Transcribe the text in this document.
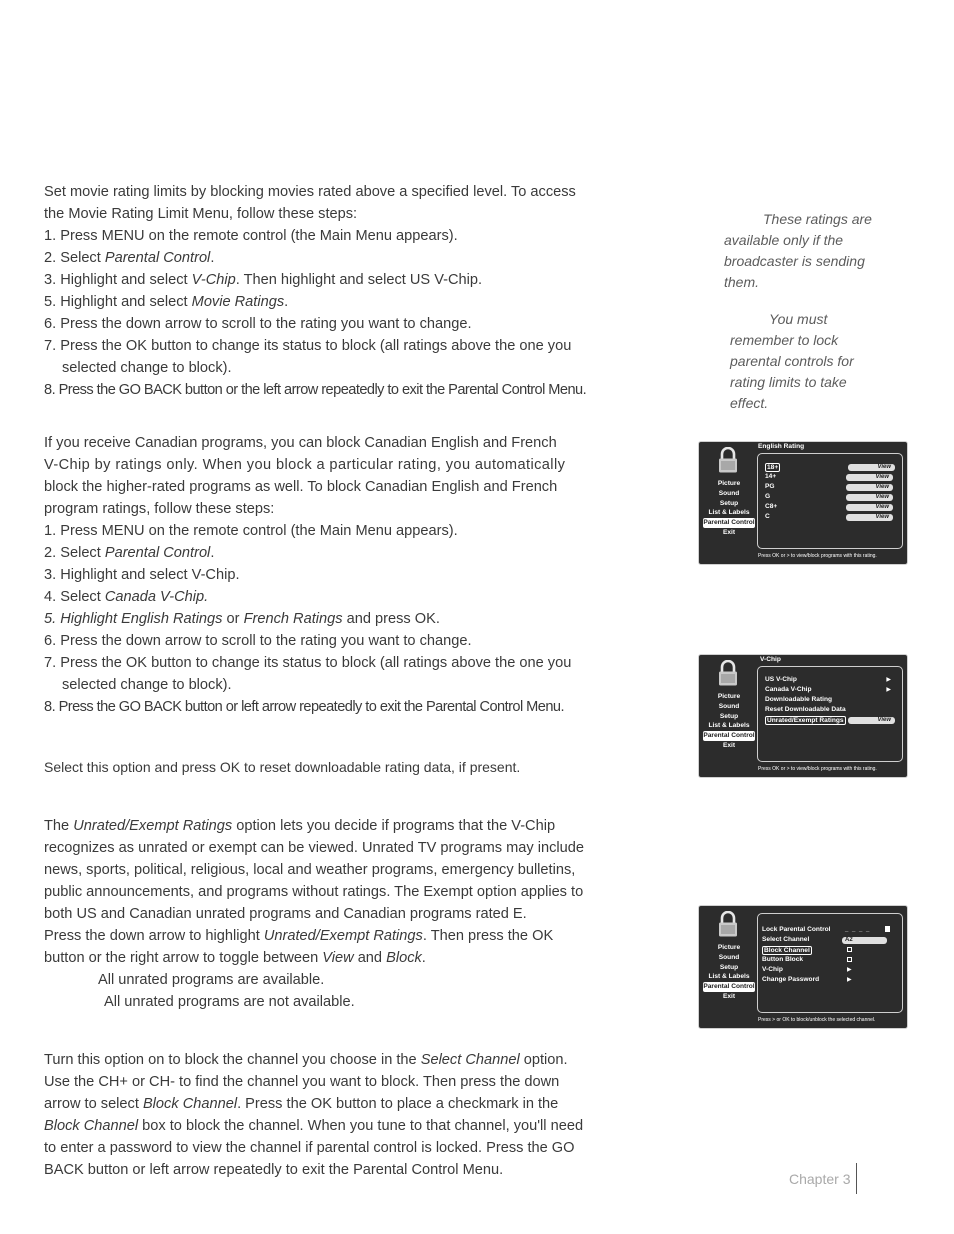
Set movie rating limits by blocking movies rated above a specified level. To access
the Movie Rating Limit Menu, follow these steps:
1. Press MENU on the remote control (the Main Menu appears).
2. Select Parental Control.
3. Highlight and select V-Chip. Then highlight and select US V-Chip.
5. Highlight and select Movie Ratings.
6. Press the down arrow to scroll to the rating you want to change.
7. Press the OK button to change its status to block (all ratings above the one you
selected change to block).
8. Press the GO BACK button or the left arrow repeatedly to exit the Parental Control Menu.
If you receive Canadian programs, you can block Canadian English and French
V-Chip by ratings only. When you block a particular rating, you automatically
block the higher-rated programs as well. To block Canadian English and French
program ratings, follow these steps:
1. Press MENU on the remote control (the Main Menu appears).
2. Select Parental Control.
3. Highlight and select V-Chip.
4. Select Canada V-Chip.
5. Highlight English Ratings or French Ratings and press OK.
6. Press the down arrow to scroll to the rating you want to change.
7. Press the OK button to change its status to block (all ratings above the one you
selected change to block).
8. Press the GO BACK button or left arrow repeatedly to exit the Parental Control Menu.

Select this option and press OK to reset downloadable rating data, if present.

The Unrated/Exempt Ratings option lets you decide if programs that the V-Chip
recognizes as unrated or exempt can be viewed. Unrated TV programs may include
news, sports, political, religious, local and weather programs, emergency bulletins,
public announcements, and programs without ratings. The Exempt option applies to
both US and Canadian unrated programs and Canadian programs rated E.
Press the down arrow to highlight Unrated/Exempt Ratings. Then press the OK
button or the right arrow to toggle between View and Block.
All unrated programs are available.
All unrated programs are not available.
Turn this option on to block the channel you choose in the Select Channel option.
Use the CH+ or CH- to find the channel you want to block. Then press the down
arrow to select Block Channel. Press the OK button to place a checkmark in the
Block Channel box to block the channel. When you tune to that channel, you'll need
to enter a password to view the channel if parental control is locked. Press the GO
BACK button or left arrow repeatedly to exit the Parental Control Menu.

These ratings are
available only if the
broadcaster is sending
them.

You must
remember to lock
parental controls for
rating limits to take
effect.

Picture
Sound
Setup
List & Labels
Parental Control
Exit
English Rating
18+	View
14+	View
PG	View
G	View
C8+	View
C	View
Press OK or > to view/block programs with this rating.
Picture
Sound
Setup
List & Labels
Parental Control
Exit
V-Chip
US V-Chip	▶
Canada V-Chip	▶
Downloadable Rating
Reset Downloadable Data
Unrated/Exempt Ratings	View
Press OK or > to view/block programs with this rating.
Picture
Sound
Setup
List & Labels
Parental Control
Exit
Lock Parental Control	_ _ _ _
Select Channel	A2
Block Channel
Button Block
V-Chip	▶
Change Password	▶
Press > or OK to block/unblock the selected channel.
Chapter 3
